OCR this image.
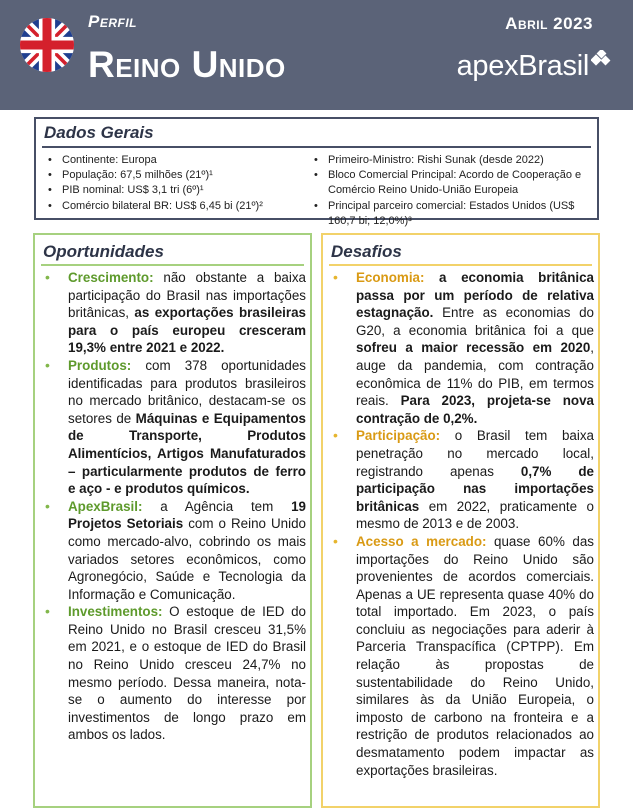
Perfil
Reino Unido
Abril 2023
apexBrasil
Dados Gerais
• Continente: Europa
• População: 67,5 milhões (21º)¹
• PIB nominal: US$ 3,1 tri (6º)¹
• Comércio bilateral BR: US$ 6,45 bi (21º)²
• Primeiro-Ministro: Rishi Sunak (desde 2022)
• Bloco Comercial Principal: Acordo de Cooperação e Comércio Reino Unido-União Europeia
• Principal parceiro comercial: Estados Unidos (US$ 160,7 bi; 12,0%)³
Oportunidades
• Crescimento: não obstante a baixa participação do Brasil nas importações britânicas, as exportações brasileiras para o país europeu cresceram 19,3% entre 2021 e 2022.
• Produtos: com 378 oportunidades identificadas para produtos brasileiros no mercado britânico, destacam-se os setores de Máquinas e Equipamentos de Transporte, Produtos Alimentícios, Artigos Manufaturados – particularmente produtos de ferro e aço - e produtos químicos.
• ApexBrasil: a Agência tem 19 Projetos Setoriais com o Reino Unido como mercado-alvo, cobrindo os mais variados setores econômicos, como Agronegócio, Saúde e Tecnologia da Informação e Comunicação.
• Investimentos: O estoque de IED do Reino Unido no Brasil cresceu 31,5% em 2021, e o estoque de IED do Brasil no Reino Unido cresceu 24,7% no mesmo período. Dessa maneira, nota-se o aumento do interesse por investimentos de longo prazo em ambos os lados.
Desafios
• Economia: a economia britânica passa por um período de relativa estagnação. Entre as economias do G20, a economia britânica foi a que sofreu a maior recessão em 2020, auge da pandemia, com contração econômica de 11% do PIB, em termos reais. Para 2023, projeta-se nova contração de 0,2%.
• Participação: o Brasil tem baixa penetração no mercado local, registrando apenas 0,7% de participação nas importações britânicas em 2022, praticamente o mesmo de 2013 e de 2003.
• Acesso a mercado: quase 60% das importações do Reino Unido são provenientes de acordos comerciais. Apenas a UE representa quase 40% do total importado. Em 2023, o país concluiu as negociações para aderir à Parceria Transpacífica (CPTPP). Em relação às propostas de sustentabilidade do Reino Unido, similares às da União Europeia, o imposto de carbono na fronteira e a restrição de produtos relacionados ao desmatamento podem impactar as exportações brasileiras.
